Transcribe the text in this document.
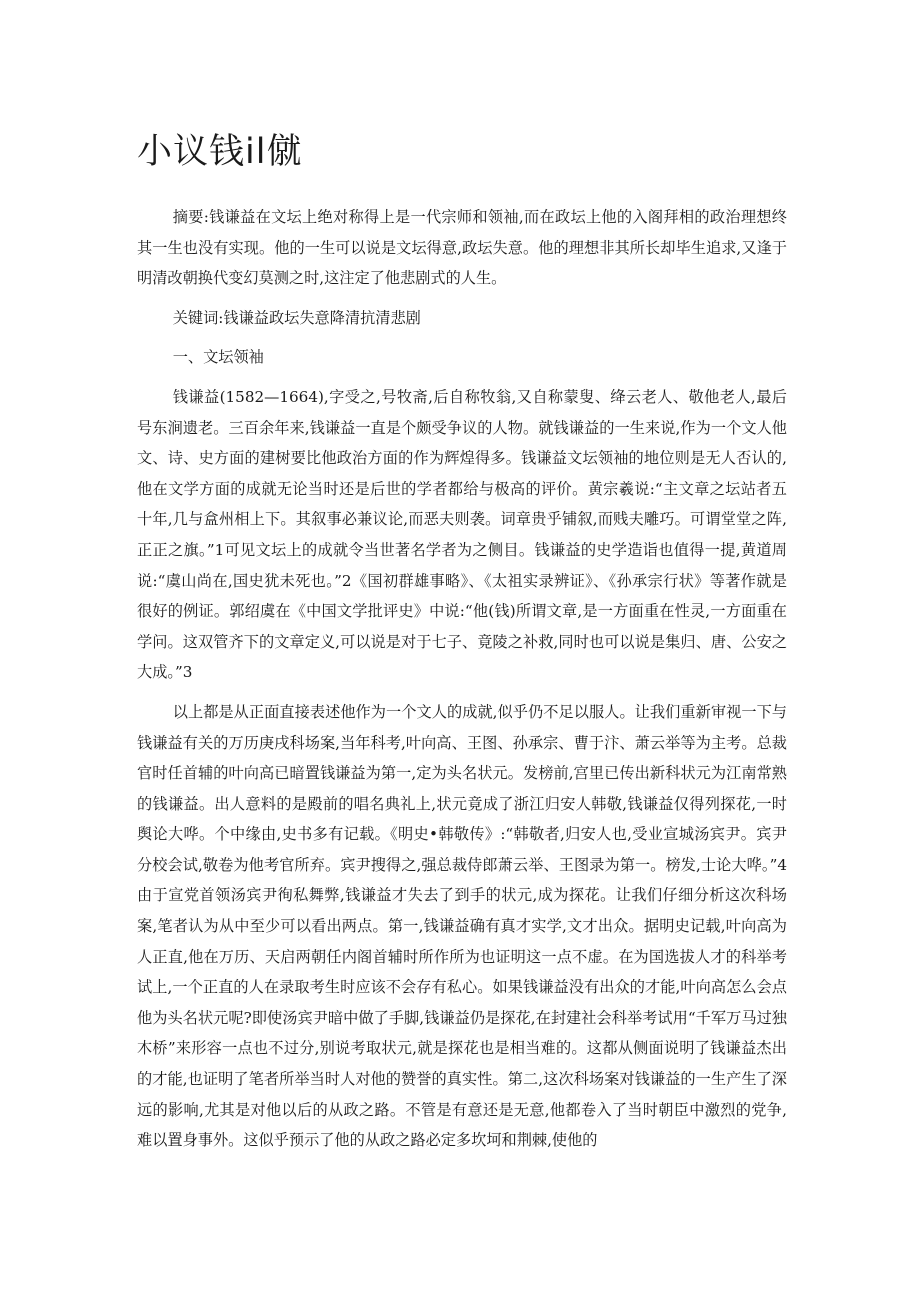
小议钱il僦

摘要:钱谦益在文坛上绝对称得上是一代宗师和领袖,而在政坛上他的入阁拜相的政治理想终其一生也没有实现。他的一生可以说是文坛得意,政坛失意。他的理想非其所长却毕生追求,又逢于明清改朝换代变幻莫测之时,这注定了他悲剧式的人生。

关键词:钱谦益政坛失意降清抗清悲剧

一、文坛领袖

钱谦益(1582—1664),字受之,号牧斋,后自称牧翁,又自称蒙叟、绛云老人、敬他老人,最后号东涧遗老。三百余年来,钱谦益一直是个颇受争议的人物。就钱谦益的一生来说,作为一个文人他文、诗、史方面的建树要比他政治方面的作为辉煌得多。钱谦益文坛领袖的地位则是无人否认的,他在文学方面的成就无论当时还是后世的学者都给与极高的评价。黄宗羲说:“主文章之坛站者五十年,几与盒州相上下。其叙事必兼议论,而恶夫则袭。词章贵乎铺叙,而贱夫雕巧。可谓堂堂之阵,正正之旗。”1可见文坛上的成就令当世著名学者为之侧目。钱谦益的史学造诣也值得一提,黄道周说:“虞山尚在,国史犹未死也。”2《国初群雄事略》、《太祖实录辨证》、《孙承宗行状》等著作就是很好的例证。郭绍虞在《中国文学批评史》中说:“他(钱)所谓文章,是一方面重在性灵,一方面重在学问。这双管齐下的文章定义,可以说是对于七子、竟陵之补救,同时也可以说是集归、唐、公安之大成。”3

以上都是从正面直接表述他作为一个文人的成就,似乎仍不足以服人。让我们重新审视一下与钱谦益有关的万历庚戌科场案,当年科考,叶向高、王图、孙承宗、曹于汴、萧云举等为主考。总裁官时任首辅的叶向高已暗置钱谦益为第一,定为头名状元。发榜前,宫里已传出新科状元为江南常熟的钱谦益。出人意料的是殿前的唱名典礼上,状元竟成了浙江归安人韩敬,钱谦益仅得列探花,一时舆论大哗。个中缘由,史书多有记载。《明史•韩敬传》:“韩敬者,归安人也,受业宣城汤宾尹。宾尹分校会试,敬卷为他考官所弃。宾尹搜得之,强总裁侍郎萧云举、王图录为第一。榜发,士论大哗。”4由于宣党首领汤宾尹徇私舞弊,钱谦益才失去了到手的状元,成为探花。让我们仔细分析这次科场案,笔者认为从中至少可以看出两点。第一,钱谦益确有真才实学,文才出众。据明史记载,叶向高为人正直,他在万历、天启两朝任内阁首辅时所作所为也证明这一点不虚。在为国选拔人才的科举考试上,一个正直的人在录取考生时应该不会存有私心。如果钱谦益没有出众的才能,叶向高怎么会点他为头名状元呢?即使汤宾尹暗中做了手脚,钱谦益仍是探花,在封建社会科举考试用“千军万马过独木桥”来形容一点也不过分,别说考取状元,就是探花也是相当难的。这都从侧面说明了钱谦益杰出的才能,也证明了笔者所举当时人对他的赞誉的真实性。第二,这次科场案对钱谦益的一生产生了深远的影响,尤其是对他以后的从政之路。不管是有意还是无意,他都卷入了当时朝臣中激烈的党争,难以置身事外。这似乎预示了他的从政之路必定多坎坷和荆棘,使他的
